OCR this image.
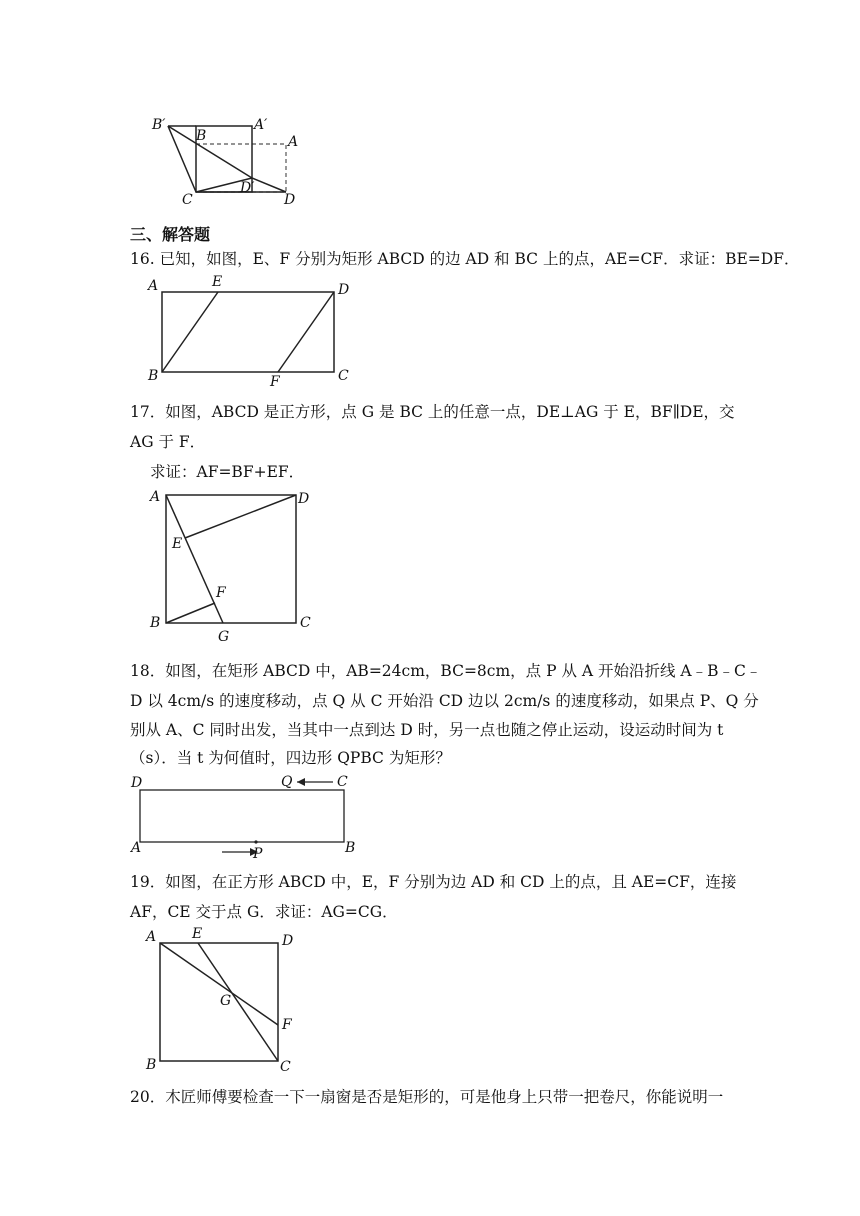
B′	A′
B	A
C
D′
D
三、解答题
16. 已知，如图，E、F 分别为矩形 ABCD 的边 AD 和 BC 上的点，AE=CF．求证：BE=DF．
A	E	D
B	F	C
17．如图，ABCD 是正方形，点 G 是 BC 上的任意一点，DE⊥AG 于 E，BF∥DE，交
AG 于 F．
求证：AF=BF+EF．
A	D
E
F
B
G
C
18．如图，在矩形 ABCD 中，AB=24cm，BC=8cm，点 P 从 A 开始沿折线 A﹣B﹣C﹣
D 以 4cm/s 的速度移动，点 Q 从 C 开始沿 CD 边以 2cm/s 的速度移动，如果点 P、Q 分
别从 A、C 同时出发，当其中一点到达 D 时，另一点也随之停止运动，设运动时间为 t
（s）．当 t 为何值时，四边形 QPBC 为矩形？
D	Q	C
A	P	B
19．如图，在正方形 ABCD 中，E，F 分别为边 AD 和 CD 上的点，且 AE=CF，连接
AF，CE 交于点 G．求证：AG=CG．
A	E	D
G
F
B	C
20．木匠师傅要检查一下一扇窗是否是矩形的，可是他身上只带一把卷尺，你能说明一
